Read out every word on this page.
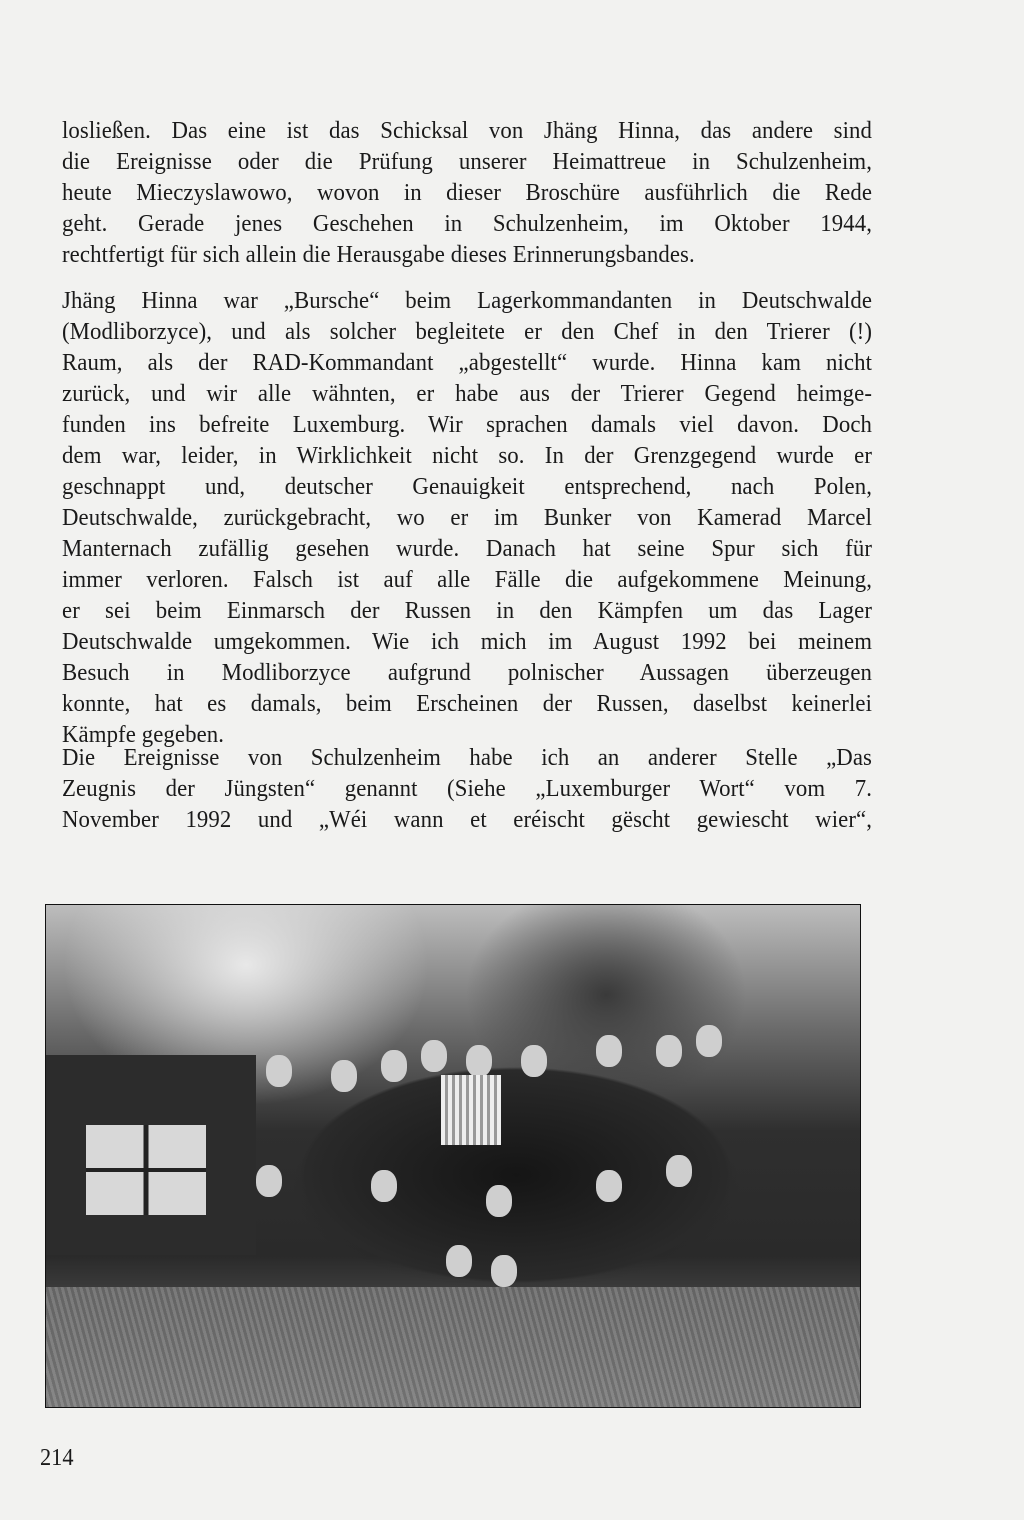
losließen. Das eine ist das Schicksal von Jhäng Hinna, das andere sind
die Ereignisse oder die Prüfung unserer Heimattreue in Schulzenheim,
heute Mieczyslawowo, wovon in dieser Broschüre ausführlich die Rede
geht. Gerade jenes Geschehen in Schulzenheim, im Oktober 1944,
rechtfertigt für sich allein die Herausgabe dieses Erinnerungsbandes.
Jhäng Hinna war „Bursche“ beim Lagerkommandanten in Deutschwalde
(Modliborzyce), und als solcher begleitete er den Chef in den Trierer (!)
Raum, als der RAD-Kommandant „abgestellt“ wurde. Hinna kam nicht
zurück, und wir alle wähnten, er habe aus der Trierer Gegend heimge-
funden ins befreite Luxemburg. Wir sprachen damals viel davon. Doch
dem war, leider, in Wirklichkeit nicht so. In der Grenzgegend wurde er
geschnappt und, deutscher Genauigkeit entsprechend, nach Polen,
Deutschwalde, zurückgebracht, wo er im Bunker von Kamerad Marcel
Manternach zufällig gesehen wurde. Danach hat seine Spur sich für
immer verloren. Falsch ist auf alle Fälle die aufgekommene Meinung,
er sei beim Einmarsch der Russen in den Kämpfen um das Lager
Deutschwalde umgekommen. Wie ich mich im August 1992 bei meinem
Besuch in Modliborzyce aufgrund polnischer Aussagen überzeugen
konnte, hat es damals, beim Erscheinen der Russen, daselbst keinerlei
Kämpfe gegeben.
Die Ereignisse von Schulzenheim habe ich an anderer Stelle „Das
Zeugnis der Jüngsten“ genannt (Siehe „Luxemburger Wort“ vom 7.
November 1992 und „Wéi wann et eréischt gëscht gewiescht wier“,
214
